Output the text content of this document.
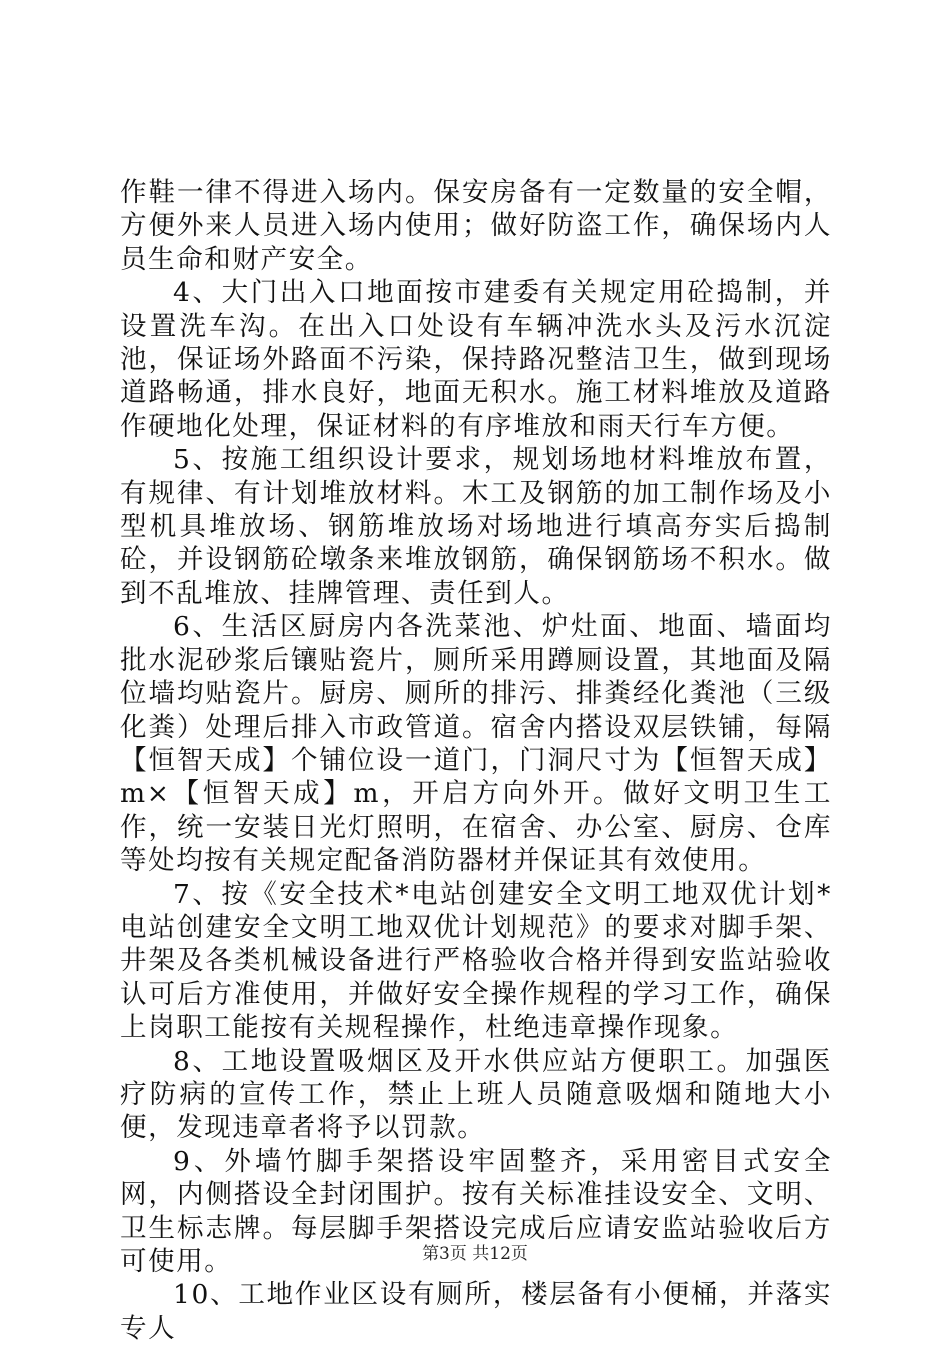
作鞋一律不得进入场内。保安房备有一定数量的安全帽，方便外来人员进入场内使用；做好防盗工作，确保场内人员生命和财产安全。

4、大门出入口地面按市建委有关规定用砼捣制，并设置洗车沟。在出入口处设有车辆冲洗水头及污水沉淀池，保证场外路面不污染，保持路况整洁卫生，做到现场道路畅通，排水良好，地面无积水。施工材料堆放及道路作硬地化处理，保证材料的有序堆放和雨天行车方便。

5、按施工组织设计要求，规划场地材料堆放布置，有规律、有计划堆放材料。木工及钢筋的加工制作场及小型机具堆放场、钢筋堆放场对场地进行填高夯实后捣制砼，并设钢筋砼墩条来堆放钢筋，确保钢筋场不积水。做到不乱堆放、挂牌管理、责任到人。

6、生活区厨房内各洗菜池、炉灶面、地面、墙面均批水泥砂浆后镶贴瓷片，厕所采用蹲厕设置，其地面及隔位墙均贴瓷片。厨房、厕所的排污、排粪经化粪池（三级化粪）处理后排入市政管道。宿舍内搭设双层铁铺，每隔【恒智天成】个铺位设一道门，门洞尺寸为【恒智天成】m×【恒智天成】m，开启方向外开。做好文明卫生工作，统一安装日光灯照明，在宿舍、办公室、厨房、仓库等处均按有关规定配备消防器材并保证其有效使用。

7、按《安全技术*电站创建安全文明工地双优计划*电站创建安全文明工地双优计划规范》的要求对脚手架、井架及各类机械设备进行严格验收合格并得到安监站验收认可后方准使用，并做好安全操作规程的学习工作，确保上岗职工能按有关规程操作，杜绝违章操作现象。

8、工地设置吸烟区及开水供应站方便职工。加强医疗防病的宣传工作，禁止上班人员随意吸烟和随地大小便，发现违章者将予以罚款。

9、外墙竹脚手架搭设牢固整齐，采用密目式安全网，内侧搭设全封闭围护。按有关标准挂设安全、文明、卫生标志牌。每层脚手架搭设完成后应请安监站验收后方可使用。

10、工地作业区设有厕所，楼层备有小便桶，并落实专人

第3页 共12页
